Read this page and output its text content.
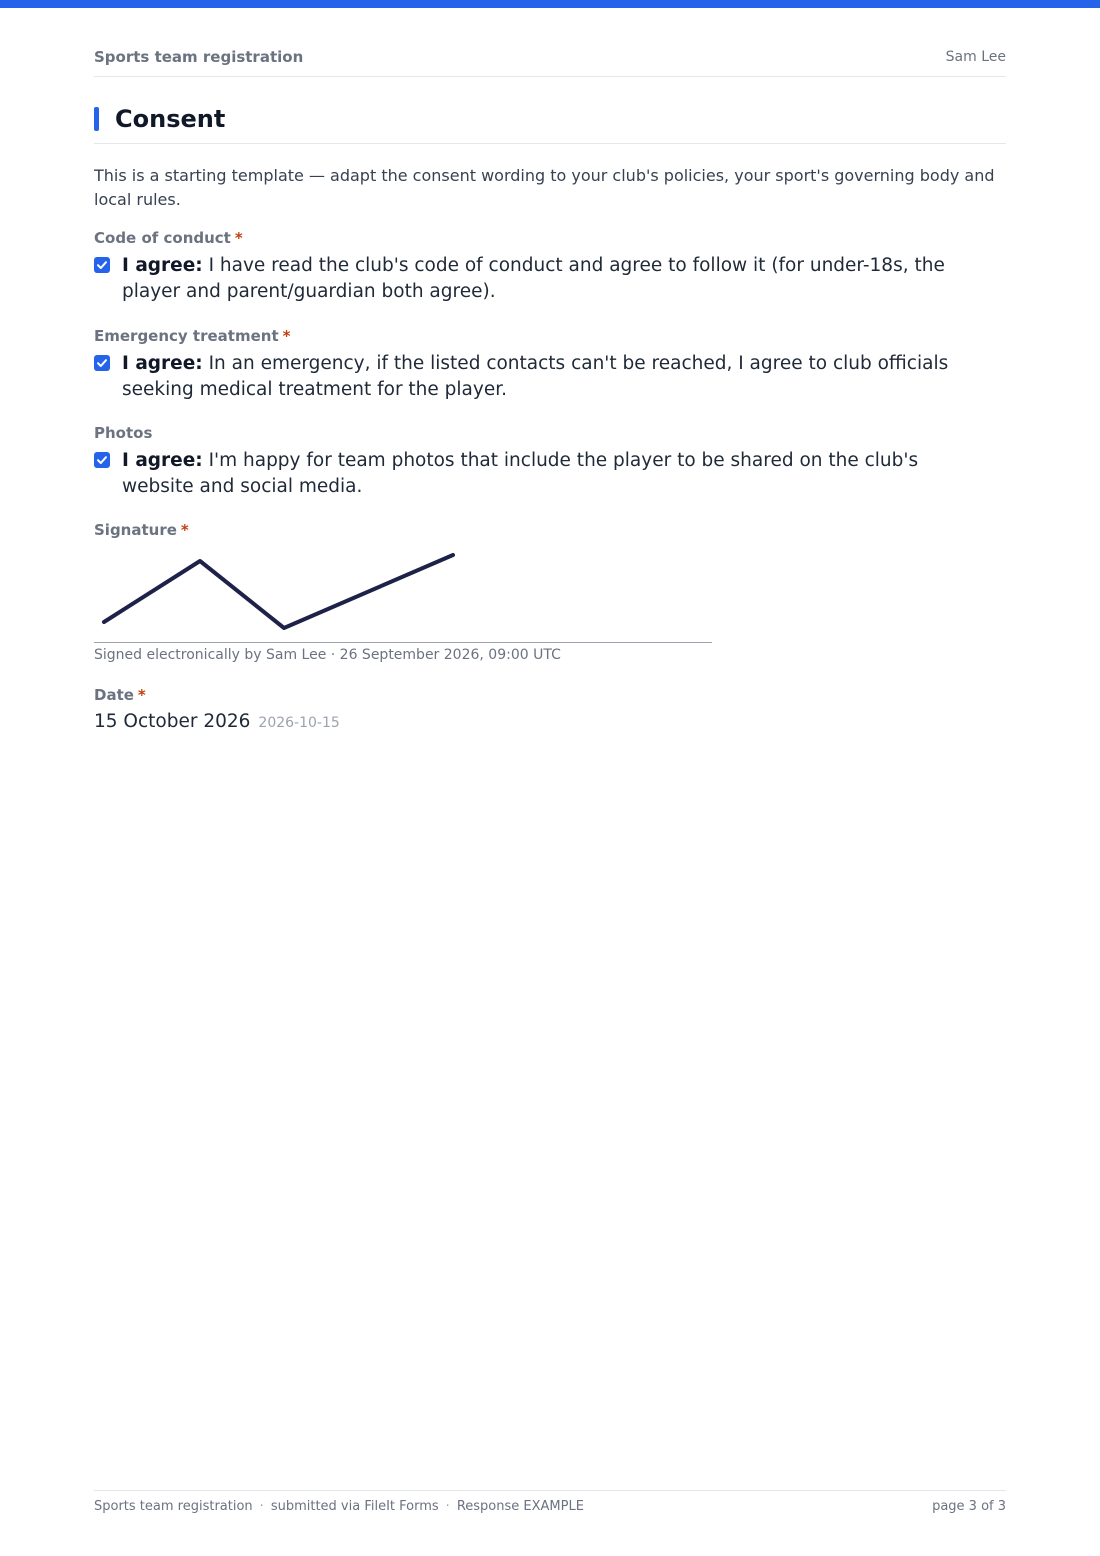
Sports team registration	Sam Lee
Consent
This is a starting template — adapt the consent wording to your club's policies, your sport's governing body and local rules.
Code of conduct *
I agree: I have read the club's code of conduct and agree to follow it (for under-18s, the player and parent/guardian both agree).
Emergency treatment *
I agree: In an emergency, if the listed contacts can't be reached, I agree to club officials seeking medical treatment for the player.
Photos
I agree: I'm happy for team photos that include the player to be shared on the club's website and social media.
Signature *
Signed electronically by Sam Lee · 26 September 2026, 09:00 UTC
Date *
15 October 2026 2026-10-15
Sports team registration · submitted via FileIt Forms · Response EXAMPLE	page 3 of 3
